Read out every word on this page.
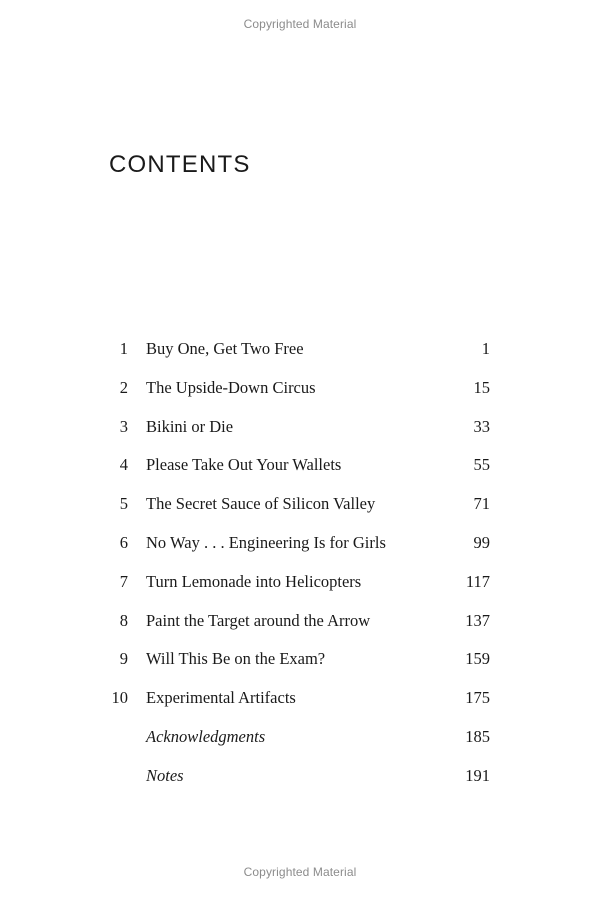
Copyrighted Material
CONTENTS
1 Buy One, Get Two Free	1
2 The Upside-Down Circus	15
3 Bikini or Die	33
4 Please Take Out Your Wallets	55
5 The Secret Sauce of Silicon Valley	71
6 No Way . . . Engineering Is for Girls	99
7 Turn Lemonade into Helicopters	117
8 Paint the Target around the Arrow	137
9 Will This Be on the Exam?	159
10 Experimental Artifacts	175
Acknowledgments	185
Notes	191
Copyrighted Material
